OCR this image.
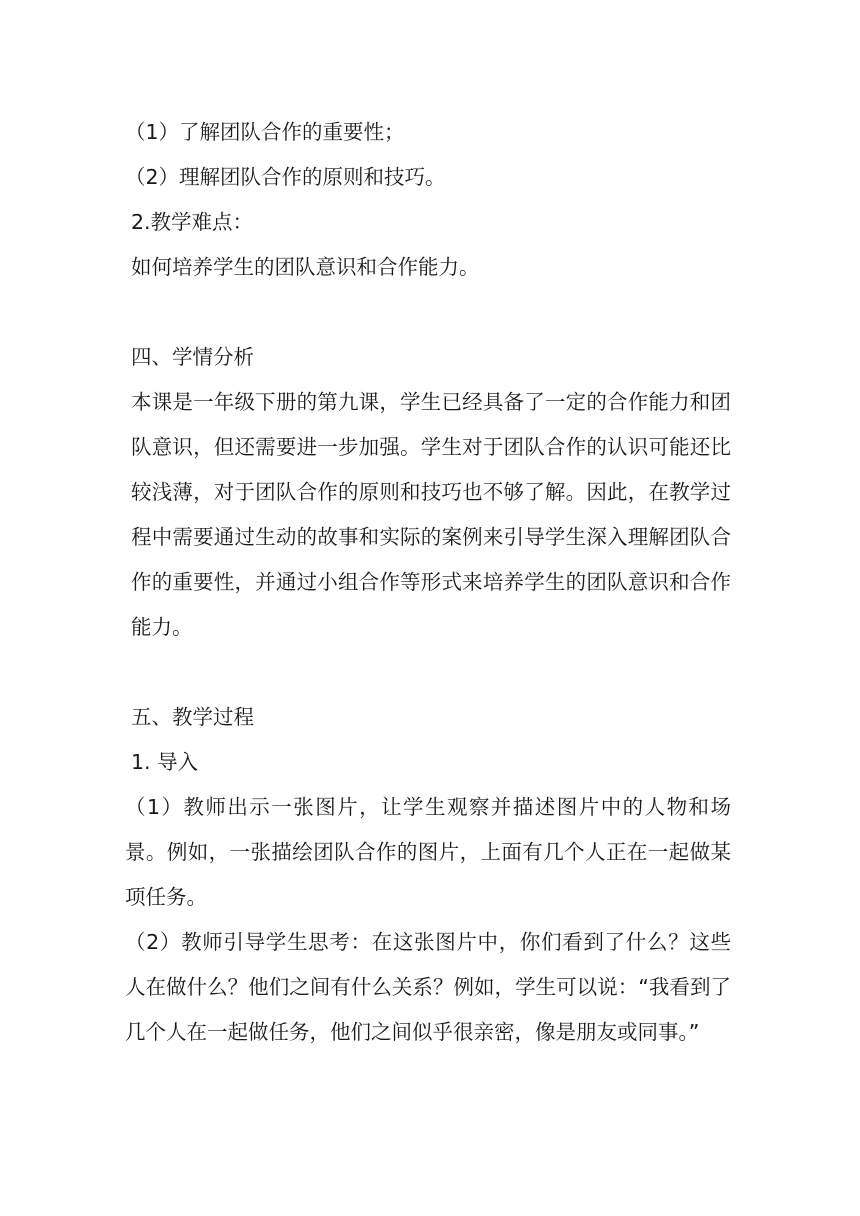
（1）了解团队合作的重要性；

（2）理解团队合作的原则和技巧。

2.教学难点：

如何培养学生的团队意识和合作能力。

四、学情分析

本课是一年级下册的第九课，学生已经具备了一定的合作能力和团队意识，但还需要进一步加强。学生对于团队合作的认识可能还比较浅薄，对于团队合作的原则和技巧也不够了解。因此，在教学过程中需要通过生动的故事和实际的案例来引导学生深入理解团队合作的重要性，并通过小组合作等形式来培养学生的团队意识和合作能力。

五、教学过程

1. 导入

（1）教师出示一张图片，让学生观察并描述图片中的人物和场景。例如，一张描绘团队合作的图片，上面有几个人正在一起做某项任务。

（2）教师引导学生思考：在这张图片中，你们看到了什么？这些人在做什么？他们之间有什么关系？例如，学生可以说：“我看到了几个人在一起做任务，他们之间似乎很亲密，像是朋友或同事。”
